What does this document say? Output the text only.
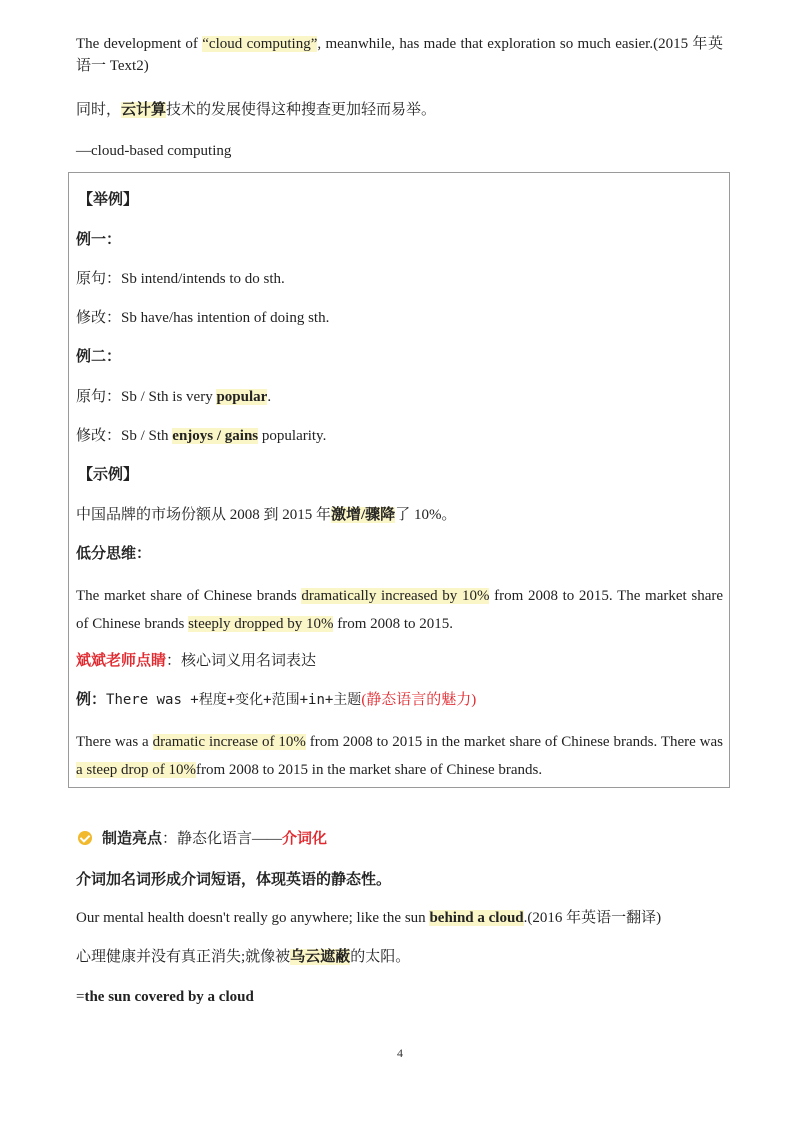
The development of “cloud computing”, meanwhile, has made that exploration so much easier.(2015 年英语一 Text2)
同时，云计算技术的发展使得这种搜查更加轻而易举。
—cloud-based computing
【举例】
例一：
原句：Sb intend/intends to do sth.
修改：Sb have/has intention of doing sth.
例二：
原句：Sb / Sth is very popular.
修改：Sb / Sth enjoys / gains popularity.
【示例】
中国品牌的市场份额从 2008 到 2015 年激增/骤降了 10%。
低分思维：
The market share of Chinese brands dramatically increased by 10% from 2008 to 2015. The market share of Chinese brands steeply dropped by 10% from 2008 to 2015.
斌斌老师点睛：核心词义用名词表达
例：There was +程度+变化+范围+in+主题(静态语言的魅力)
There was a dramatic increase of 10% from 2008 to 2015 in the market share of Chinese brands. There was a steep drop of 10%from 2008 to 2015 in the market share of Chinese brands.
制造亮点：静态化语言——介词化
介词加名词形成介词短语，体现英语的静态性。
Our mental health doesn't really go anywhere; like the sun behind a cloud.(2016 年英语一翻译)
心理健康并没有真正消失;就像被乌云遮蔽的太阳。
=the sun covered by a cloud
4
